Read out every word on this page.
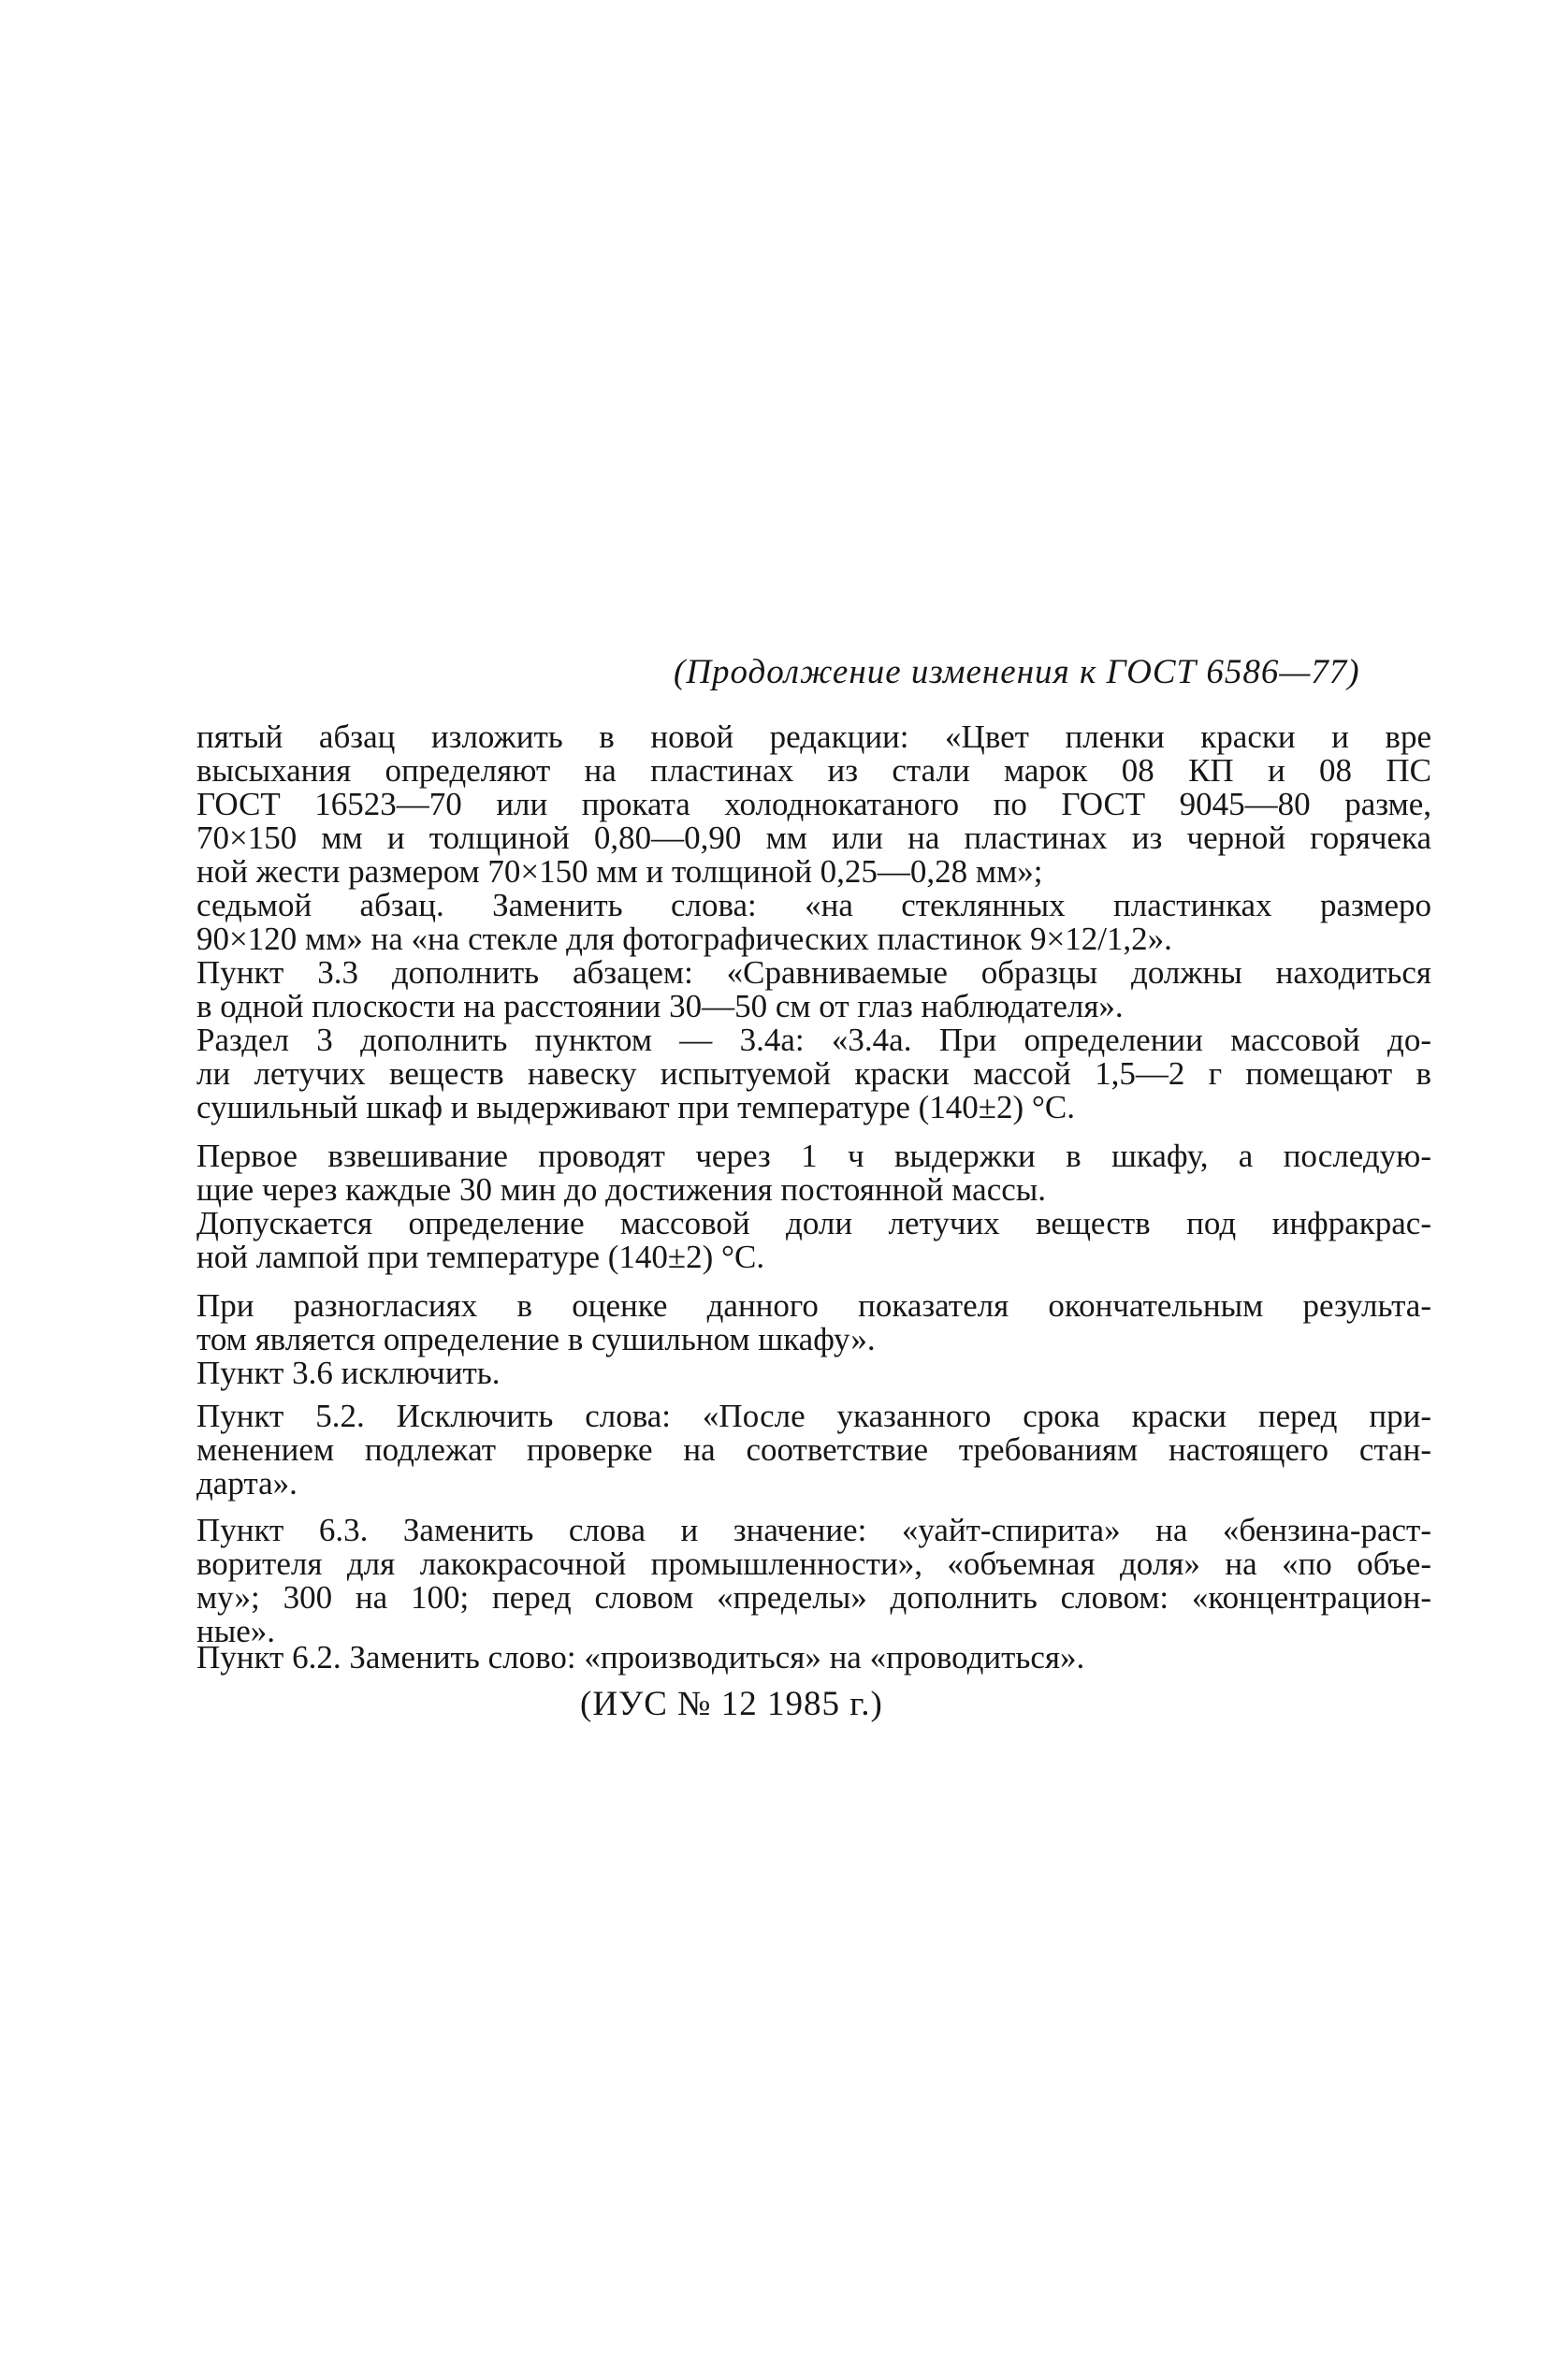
(Продолжение изменения к ГОСТ 6586—77)
пятый абзац изложить в новой редакции: «Цвет пленки краски и вре
высыхания определяют на пластинах из стали марок 08 КП и 08 ПС
ГОСТ 16523—70 или проката холоднокатаного по ГОСТ 9045—80 разме,
70×150 мм и толщиной 0,80—0,90 мм или на пластинах из черной горячека
ной жести размером 70×150 мм и толщиной 0,25—0,28 мм»;
седьмой абзац. Заменить слова: «на стеклянных пластинках размеро
90×120 мм» на «на стекле для фотографических пластинок 9×12/1,2».
Пункт 3.3 дополнить абзацем: «Сравниваемые образцы должны находиться
в одной плоскости на расстоянии 30—50 см от глаз наблюдателя».
Раздел 3 дополнить пунктом — 3.4а: «3.4а. При определении массовой до-
ли летучих веществ навеску испытуемой краски массой 1,5—2 г помещают в
сушильный шкаф и выдерживают при температуре (140±2) °С.
Первое взвешивание проводят через 1 ч выдержки в шкафу, а последую-
щие через каждые 30 мин до достижения постоянной массы.
Допускается определение массовой доли летучих веществ под инфракрас-
ной лампой при температуре (140±2) °С.
При разногласиях в оценке данного показателя окончательным результа-
том является определение в сушильном шкафу».
Пункт 3.6 исключить.
Пункт 5.2. Исключить слова: «После указанного срока краски перед при-
менением подлежат проверке на соответствие требованиям настоящего стан-
дарта».
Пункт 6.3. Заменить слова и значение: «уайт-спирита» на «бензина-раст-
ворителя для лакокрасочной промышленности», «объемная доля» на «по объе-
му»; 300 на 100; перед словом «пределы» дополнить словом: «концентрацион-
ные».
Пункт 6.2. Заменить слово: «производиться» на «проводиться».
(ИУС № 12 1985 г.)
